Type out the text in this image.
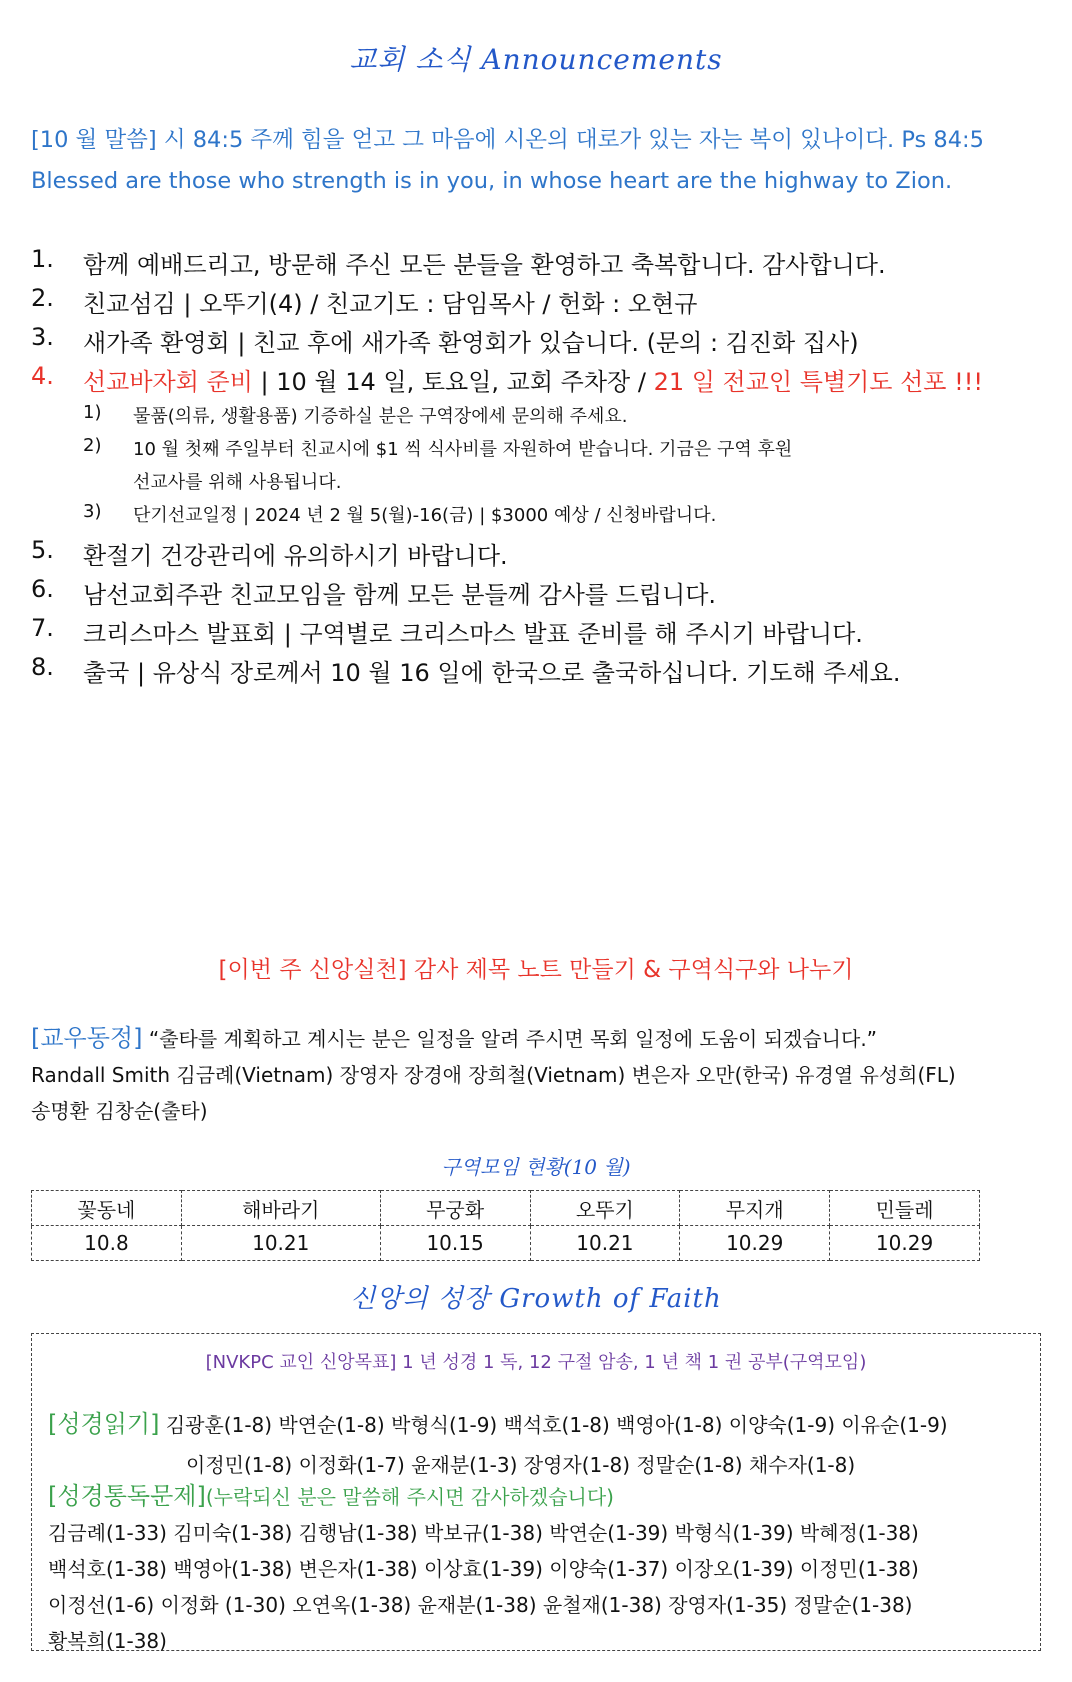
교회 소식 Announcements
[10 월 말씀] 시 84:5 주께 힘을 얻고 그 마음에 시온의 대로가 있는 자는 복이 있나이다. Ps 84:5
Blessed are those who strength is in you, in whose heart are the highway to Zion.
1. 함께 예배드리고, 방문해 주신 모든 분들을 환영하고 축복합니다. 감사합니다.
2. 친교섬김 | 오뚜기(4) / 친교기도 : 담임목사 / 헌화 : 오현규
3. 새가족 환영회 | 친교 후에 새가족 환영회가 있습니다. (문의 : 김진화 집사)
4. 선교바자회 준비 | 10 월 14 일, 토요일, 교회 주차장 / 21 일 전교인 특별기도 선포 !!!
1) 물품(의류, 생활용품) 기증하실 분은 구역장에세 문의해 주세요.
2) 10 월 첫째 주일부터 친교시에 $1 씩 식사비를 자원하여 받습니다. 기금은 구역 후원
선교사를 위해 사용됩니다.
3) 단기선교일정 | 2024 년 2 월 5(월)-16(금) | $3000 예상 / 신청바랍니다.
5. 환절기 건강관리에 유의하시기 바랍니다.
6. 남선교회주관 친교모임을 함께 모든 분들께 감사를 드립니다.
7. 크리스마스 발표회 | 구역별로 크리스마스 발표 준비를 해 주시기 바랍니다.
8. 출국 | 유상식 장로께서 10 월 16 일에 한국으로 출국하십니다. 기도해 주세요.
[이번 주 신앙실천] 감사 제목 노트 만들기 & 구역식구와 나누기
[교우동정] “출타를 계획하고 계시는 분은 일정을 알려 주시면 목회 일정에 도움이 되겠습니다.”
Randall Smith 김금례(Vietnam) 장영자 장경애 장희철(Vietnam) 변은자 오만(한국) 유경열 유성희(FL)
송명환 김창순(출타)
구역모임 현황(10 월)
꽃동네	해바라기	무궁화	오뚜기	무지개	민들레
10.8	10.21	10.15	10.21	10.29	10.29
신앙의 성장 Growth of Faith
[NVKPC 교인 신앙목표] 1 년 성경 1 독, 12 구절 암송, 1 년 책 1 권 공부(구역모임)
[성경읽기] 김광훈(1-8) 박연순(1-8) 박형식(1-9) 백석호(1-8) 백영아(1-8) 이양숙(1-9) 이유순(1-9)
이정민(1-8) 이정화(1-7) 윤재분(1-3) 장영자(1-8) 정말순(1-8) 채수자(1-8)
[성경통독문제](누락되신 분은 말씀해 주시면 감사하겠습니다)
김금례(1-33) 김미숙(1-38) 김행남(1-38) 박보규(1-38) 박연순(1-39) 박형식(1-39) 박혜정(1-38)
백석호(1-38) 백영아(1-38) 변은자(1-38) 이상효(1-39) 이양숙(1-37) 이장오(1-39) 이정민(1-38)
이정선(1-6) 이정화 (1-30) 오연옥(1-38) 윤재분(1-38) 윤철재(1-38) 장영자(1-35) 정말순(1-38)
황복희(1-38)
